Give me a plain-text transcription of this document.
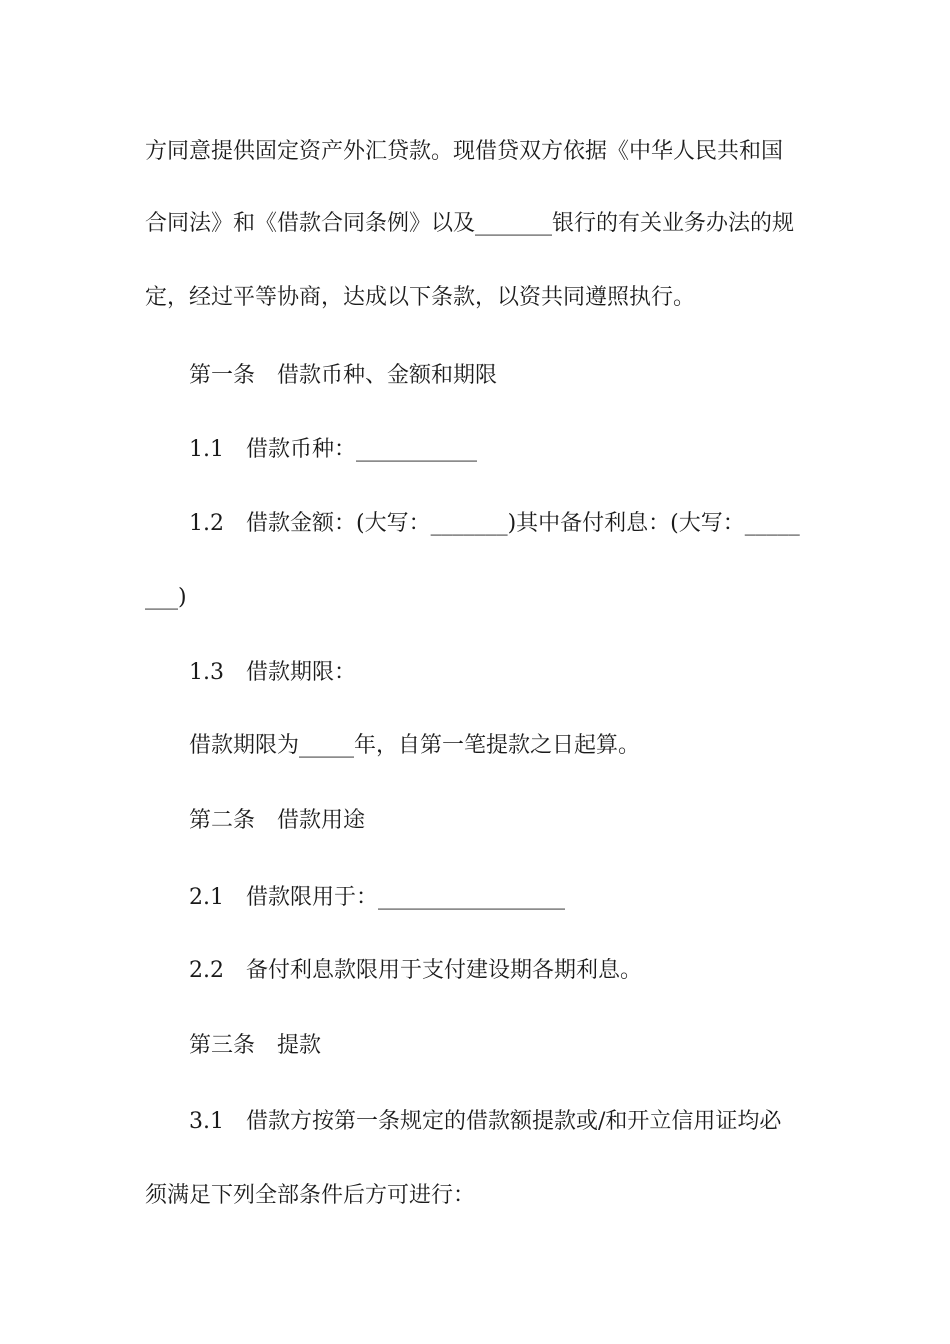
方同意提供固定资产外汇贷款。现借贷双方依据《中华人民共和国
合同法》和《借款合同条例》以及_______银行的有关业务办法的规
定，经过平等协商，达成以下条款，以资共同遵照执行。
第一条　借款币种、金额和期限
1.1　借款币种：___________
1.2　借款金额：(大写：_______)其中备付利息：(大写：_____
___)
1.3　借款期限：
借款期限为_____年，自第一笔提款之日起算。
第二条　借款用途
2.1　借款限用于：_________________
2.2　备付利息款限用于支付建设期各期利息。
第三条　提款
3.1　借款方按第一条规定的借款额提款或/和开立信用证均必
须满足下列全部条件后方可进行：
